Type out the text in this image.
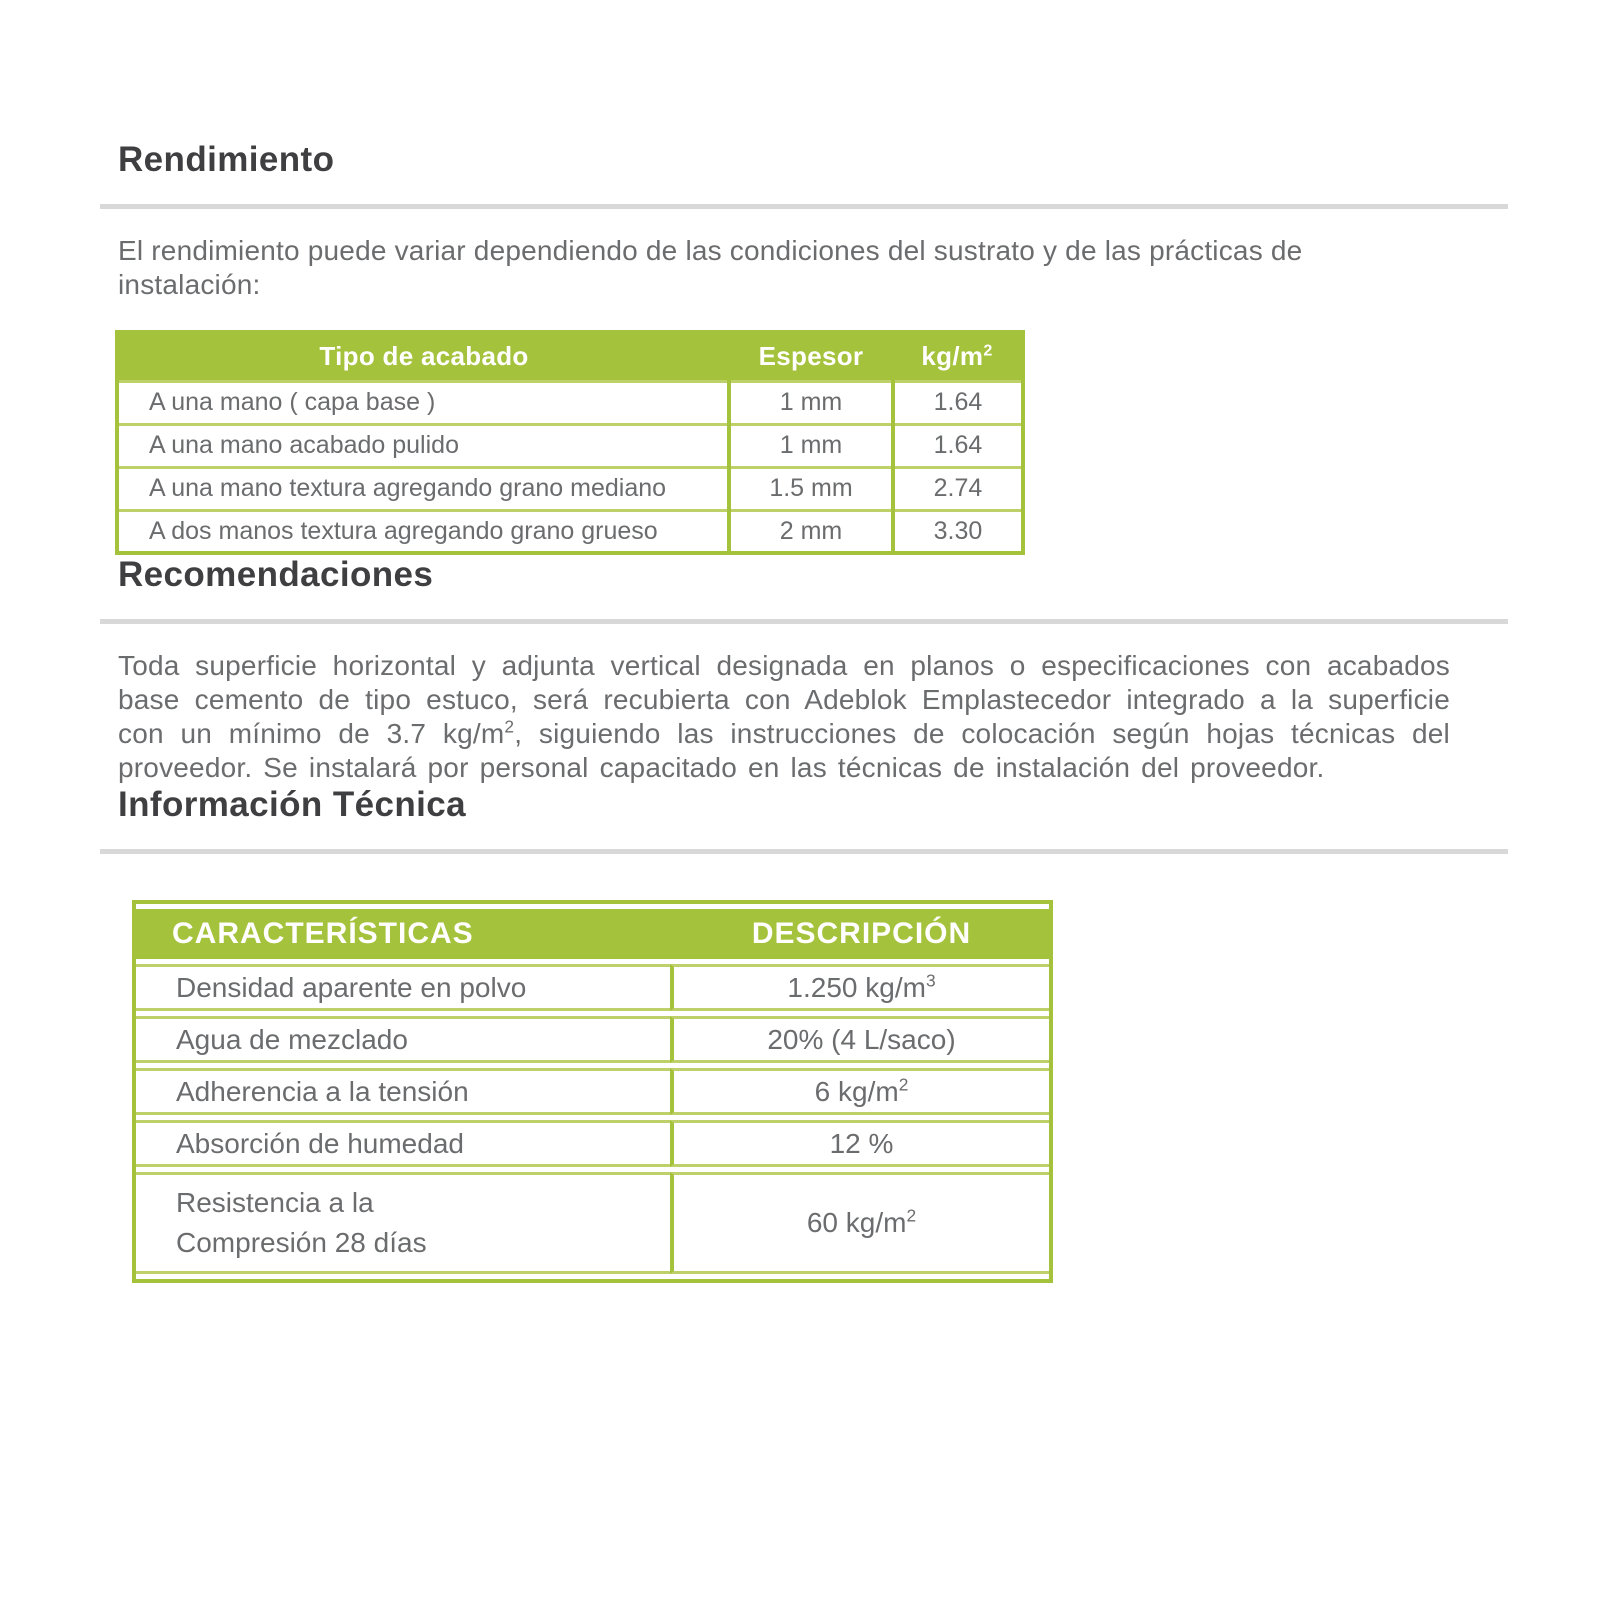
Rendimiento

El rendimiento puede variar dependiendo de las condiciones del sustrato y de las prácticas de instalación:

Tipo de acabado	Espesor	$kg/m^2$
A una mano ( capa base )	1 mm	1.64
A una mano acabado pulido	1 mm	1.64
A una mano textura agregando grano mediano	1.5 mm	2.74
A dos manos textura agregando grano grueso	2 mm	3.30
Recomendaciones

Toda superficie horizontal y adjunta vertical designada en planos o especificaciones con acabados base cemento de tipo estuco, será recubierta con Adeblok Emplastecedor integrado a la superficie con un mínimo de 3.7 $kg/m^2$, siguiendo las instrucciones de colocación según hojas técnicas del proveedor. Se instalará por personal capacitado en las técnicas de instalación del proveedor.

Información Técnica
CARACTERÍSTICAS	DESCRIPCIÓN
Densidad aparente en polvo	1.250 $kg/m^3$
Agua de mezclado	20% (4 L/saco)
Adherencia a la tensión	6 $kg/m^2$
Absorción de humedad	12 %

Resistencia a la
Compresión 28 días	60 $kg/m^2$
